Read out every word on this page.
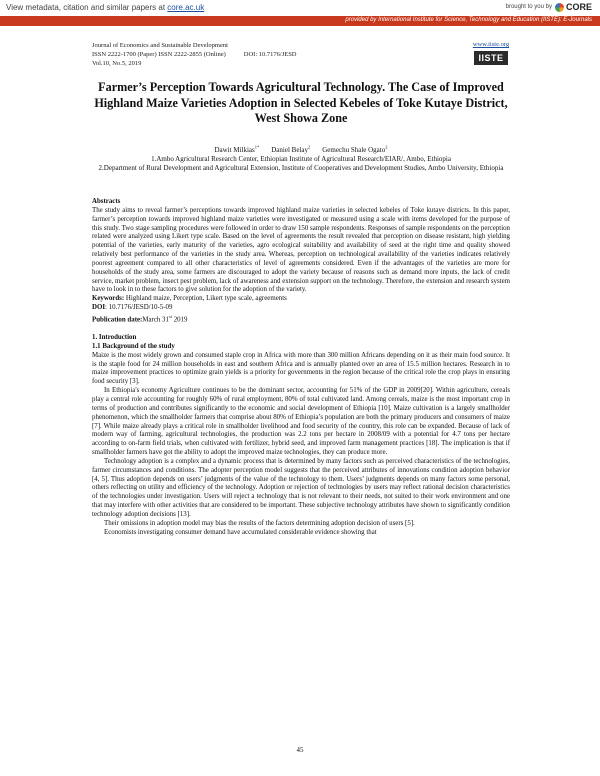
View metadata, citation and similar papers at core.ac.uk	brought to you by CORE
provided by International Institute for Science, Technology and Education (IISTE): E-Journals
Journal of Economics and Sustainable Development
ISSN 2222-1700 (Paper) ISSN 2222-2855 (Online)	DOI: 10.7176/JESD
Vol.10, No.5, 2019
www.iiste.org
IISTE
Farmer’s Perception Towards Agricultural Technology. The Case of Improved Highland Maize Varieties Adoption in Selected Kebeles of Toke Kutaye District, West Showa Zone
Dawit Milkias$^{1*}$ Daniel Belay$^2$ Gemechu Shale Ogato$^2$
1.Ambo Agricultural Research Center, Ethiopian Institute of Agricultural Research/EIAR/, Ambo, Ethiopia
2.Department of Rural Development and Agricultural Extension, Institute of Cooperatives and Development Studies, Ambo University, Ethiopia

Abstracts

The study aims to reveal farmer’s perceptions towards improved highland maize varieties in selected kebeles of Toke kutaye districts. In this paper, farmer’s perception towards improved highland maize varieties were investigated or measured using a scale with items developed for the purpose of this study. Two stage sampling procedures were followed in order to draw 150 sample respondents. Responses of sample respondents on the perception related were analyzed using Likert type scale. Based on the level of agreements the result revealed that perception on disease resistant, high yielding potential of the varieties, early maturity of the varieties, agro ecological suitability and availability of seed at the right time and quality showed relatively best performance of the varieties in the study area. Whereas, perception on technological availability of the varieties indicates relatively poorest agreement compared to all other characteristics of level of agreements considered. Even if the advantages of the varieties are more for households of the study area, some farmers are discouraged to adopt the variety because of reasons such as demand more inputs, the lack of credit service, market problem, insect pest problem, lack of awareness and extension support on the technology. Therefore, the extension and research system have to look in to these factors to give solution for the adoption of the variety.

Keywords: Highland maize, Perception, Likert type scale, agreements

DOI: 10.7176/JESD/10-5-09

Publication date:March 31st 2019

1. Introduction

1.1 Background of the study

Maize is the most widely grown and consumed staple crop in Africa with more than 300 million Africans depending on it as their main food source. It is the staple food for 24 million households in east and southern Africa and is annually planted over an area of 15.5 million hectares. Research in to maize improvement practices to optimize grain yields is a priority for governments in the region because of the critical role the crop plays in ensuring food security [3].

In Ethiopia's economy Agriculture continues to be the dominant sector, accounting for 51% of the GDP in 2009[20]. Within agriculture, cereals play a central role accounting for roughly 60% of rural employment, 80% of total cultivated land. Among cereals, maize is the most important crop in terms of production and contributes significantly to the economic and social development of Ethiopia [10]. Maize cultivation is a largely smallholder phenomenon, which the smallholder farmers that comprise about 80% of Ethiopia’s population are both the primary producers and consumers of maize [7]. While maize already plays a critical role in smallholder livelihood and food security of the country, this role can be expanded. Because of lack of modern way of farming, agricultural technologies, the production was 2.2 tons per hectare in 2008/09 with a potential for 4.7 tons per hectare according to on-farm field trials, when cultivated with fertilizer, hybrid seed, and improved farm management practices [18]. The implication is that if smallholder farmers have got the ability to adopt the improved maize technologies, they can produce more.

Technology adoption is a complex and a dynamic process that is determined by many factors such as perceived characteristics of the technologies, farmer circumstances and conditions. The adopter perception model suggests that the perceived attributes of innovations condition adoption behavior [4, 5]. Thus adoption depends on users’ judgments of the value of the technology to them. Users’ judgments depends on many factors some personal, others reflecting on utility and efficiency of the technology. Adoption or rejection of technologies by users may reflect rational decision characteristics of the technologies under investigation. Users will reject a technology that is not relevant to their needs, not suited to their work environment and one that may interfere with other activities that are considered to be important. These subjective technology attributes have shown to significantly condition technology adoption decisions [13].

Their omissions in adoption model may bias the results of the factors determining adoption decision of users [5].

Economists investigating consumer demand have accumulated considerable evidence showing that

45
